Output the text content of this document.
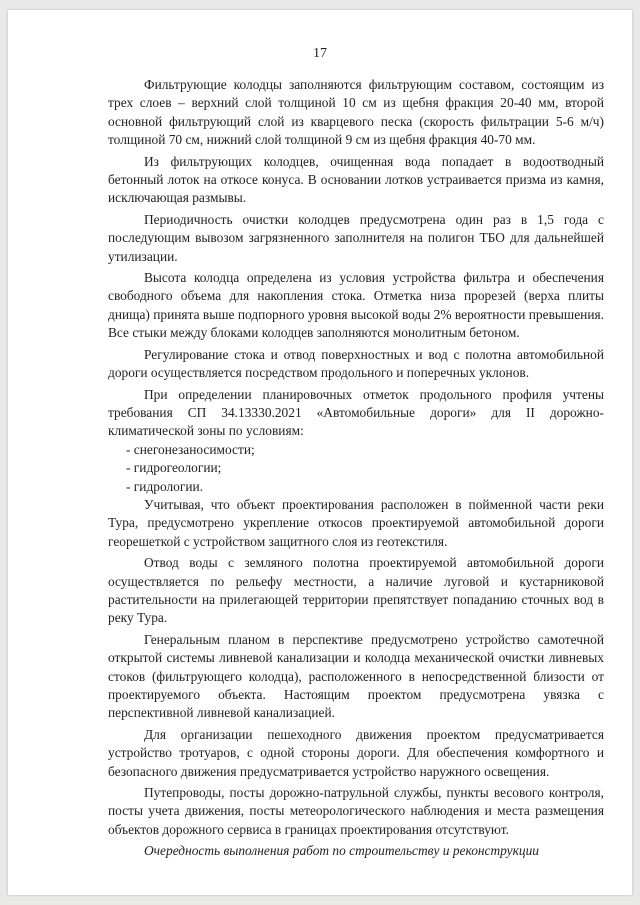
17

Фильтрующие колодцы заполняются фильтрующим составом, состоящим из трех слоев – верхний слой толщиной 10 см из щебня фракция 20-40 мм, второй основной фильтрующий слой из кварцевого песка (скорость фильтрации 5-6 м/ч) толщиной 70 см, нижний слой толщиной 9 см из щебня фракция 40-70 мм.

Из фильтрующих колодцев, очищенная вода попадает в водоотводный бетонный лоток на откосе конуса. В основании лотков устраивается призма из камня, исключающая размывы.

Периодичность очистки колодцев предусмотрена один раз в 1,5 года с последующим вывозом загрязненного заполнителя на полигон ТБО для дальнейшей утилизации.

Высота колодца определена из условия устройства фильтра и обеспечения свободного объема для накопления стока. Отметка низа прорезей (верха плиты днища) принята выше подпорного уровня высокой воды 2% вероятности превышения. Все стыки между блоками колодцев заполняются монолитным бетоном.

Регулирование стока и отвод поверхностных и вод с полотна автомобильной дороги осуществляется посредством продольного и поперечных уклонов.

При определении планировочных отметок продольного профиля учтены требования СП 34.13330.2021 «Автомобильные дороги» для II дорожно-климатической зоны по условиям:

- снегонезаносимости;

- гидрогеологии;

- гидрологии.

Учитывая, что объект проектирования расположен в пойменной части реки Тура, предусмотрено укрепление откосов проектируемой автомобильной дороги георешеткой с устройством защитного слоя из геотекстиля.

Отвод воды с земляного полотна проектируемой автомобильной дороги осуществляется по рельефу местности, а наличие луговой и кустарниковой растительности на прилегающей территории препятствует попаданию сточных вод в реку Тура.

Генеральным планом в перспективе предусмотрено устройство самотечной открытой системы ливневой канализации и колодца механической очистки ливневых стоков (фильтрующего колодца), расположенного в непосредственной близости от проектируемого объекта. Настоящим проектом предусмотрена увязка с перспективной ливневой канализацией.

Для организации пешеходного движения проектом предусматривается устройство тротуаров, с одной стороны дороги. Для обеспечения комфортного и безопасного движения предусматривается устройство наружного освещения.

Путепроводы, посты дорожно-патрульной службы, пункты весового контроля, посты учета движения, посты метеорологического наблюдения и места размещения объектов дорожного сервиса в границах проектирования отсутствуют.

Очередность выполнения работ по строительству и реконструкции
